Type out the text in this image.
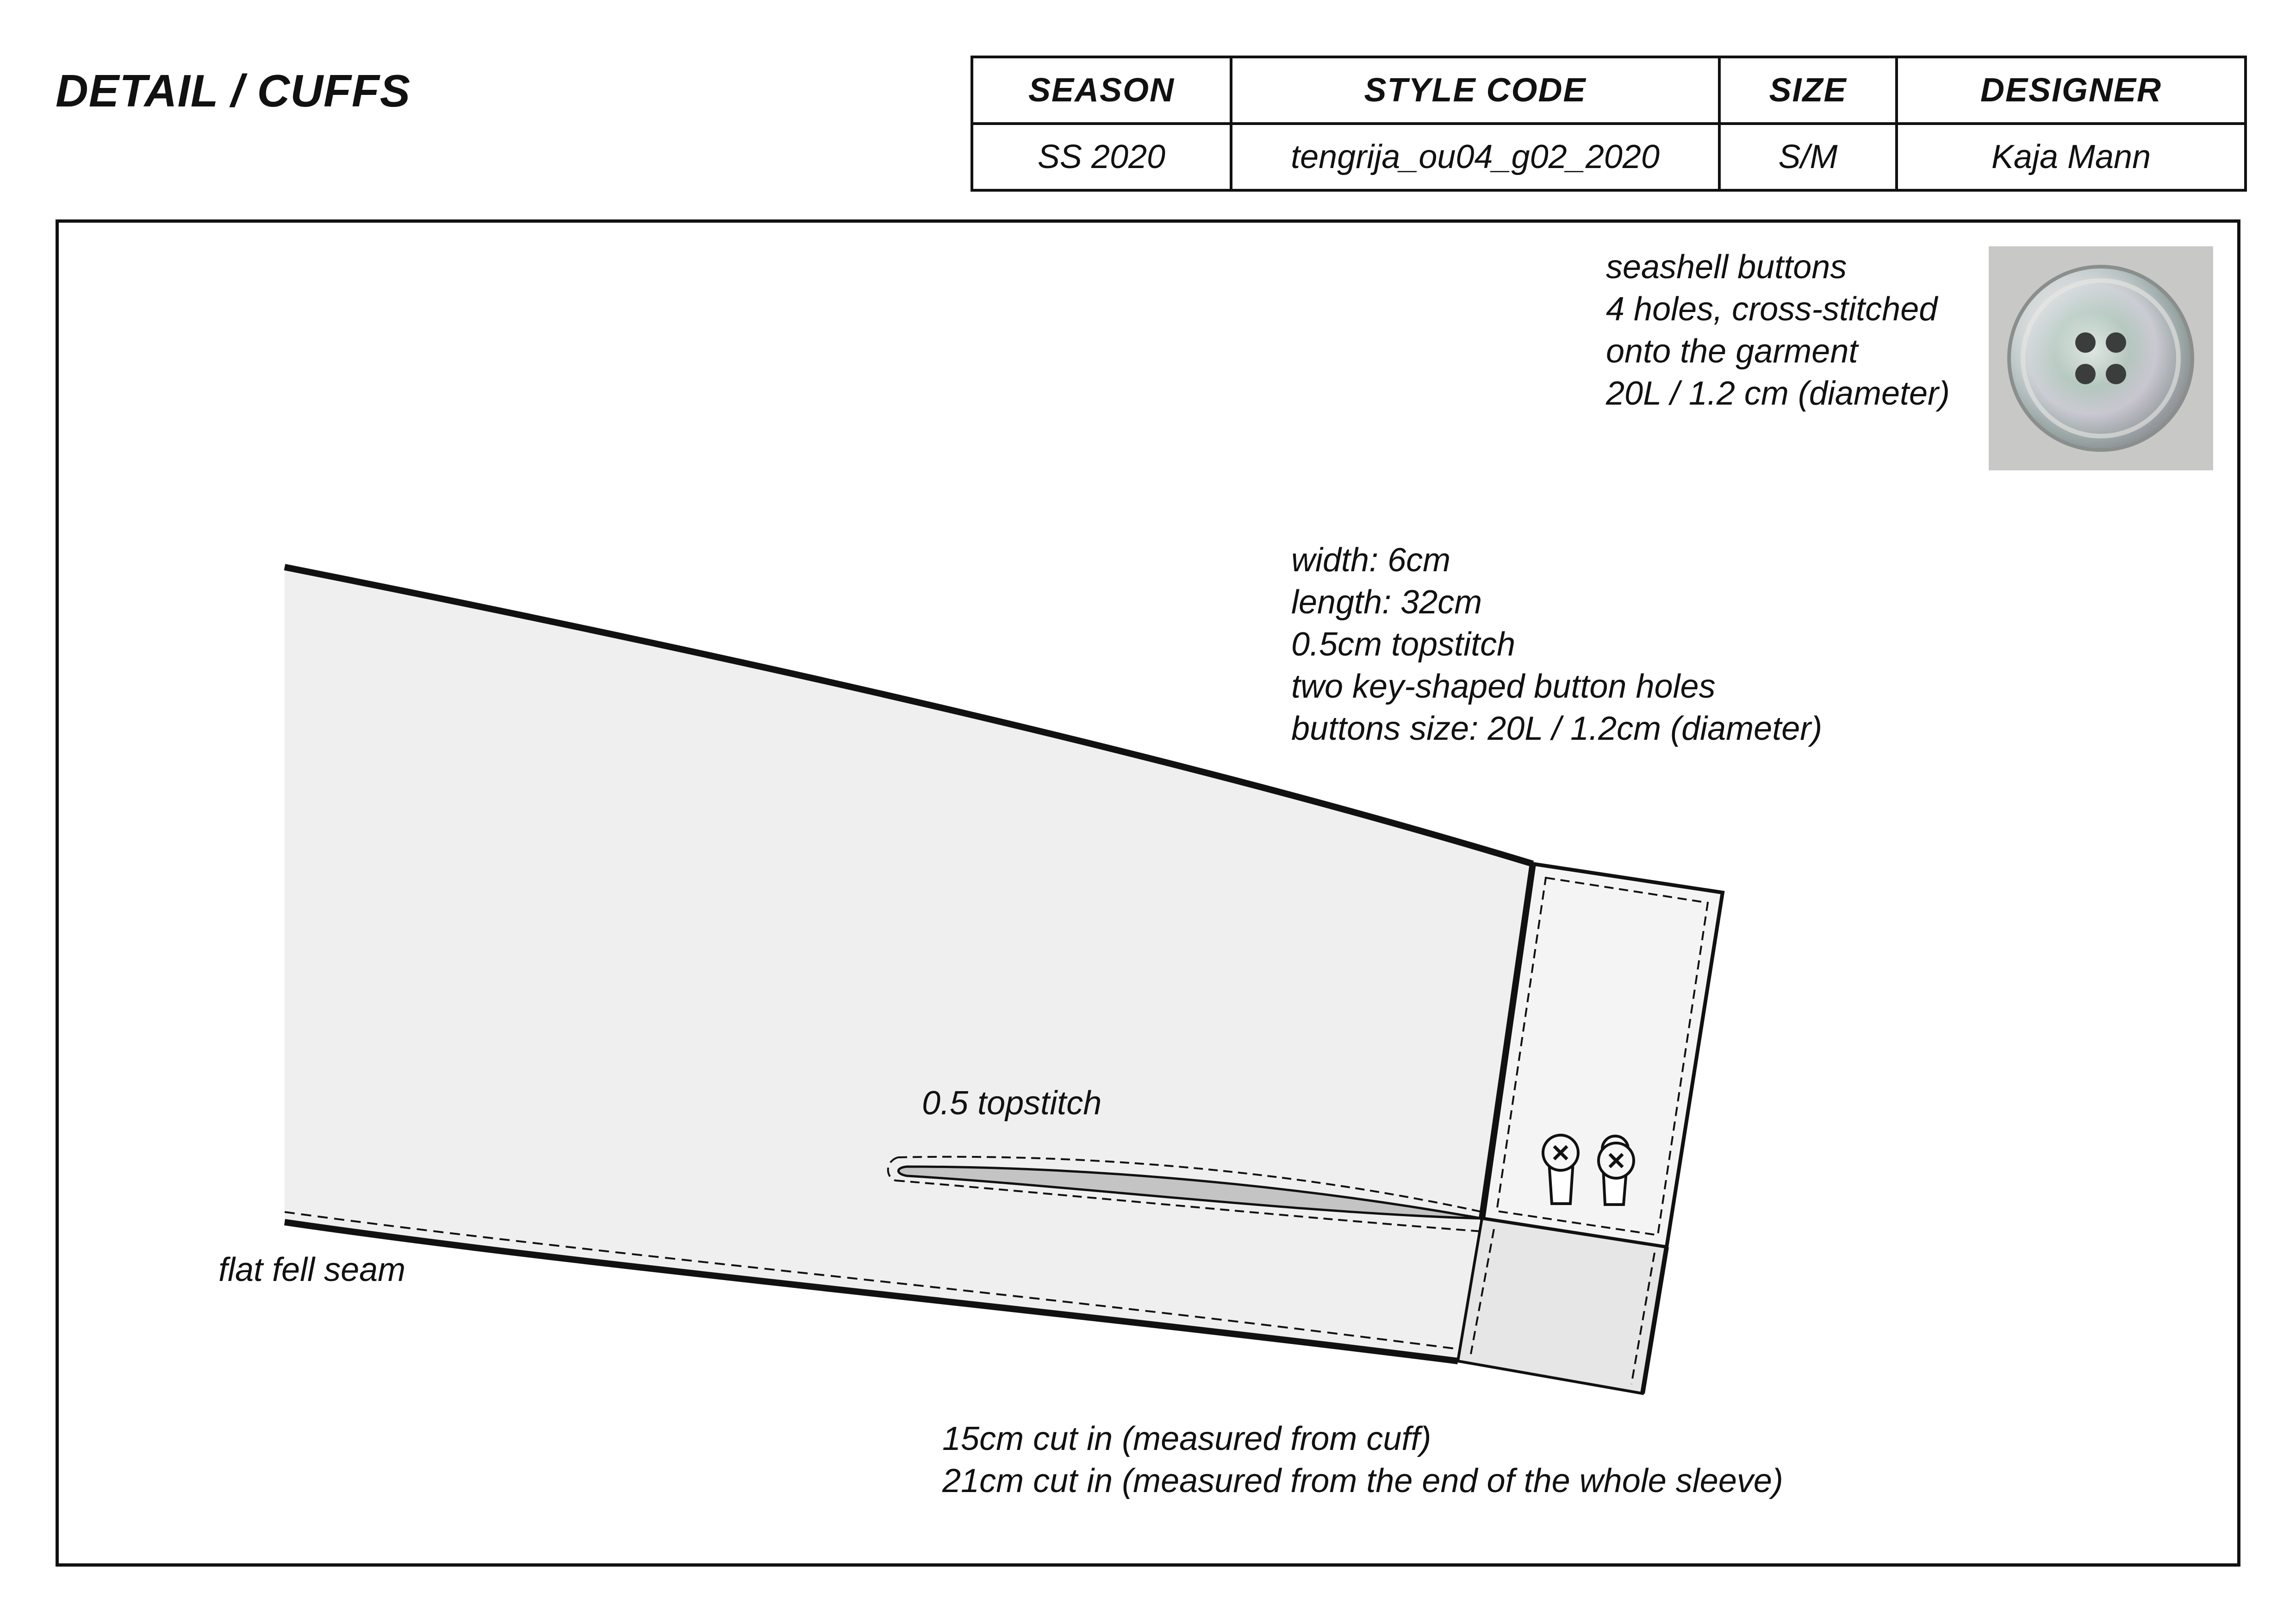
DETAIL / CUFFS	SEASON	STYLE CODE	SIZE	DESIGNER
SS 2020	tengrija_ou04_g02_2020	S/M	Kaja Mann
seashell buttons
4 holes, cross-stitched
onto the garment
20L / 1.2 cm (diameter)
width: 6cm
length: 32cm
0.5cm topstitch
two key-shaped button holes
buttons size: 20L / 1.2cm (diameter)
0.5 topstitch
flat fell seam
15cm cut in (measured from cuff)
21cm cut in (measured from the end of the whole sleeve)
